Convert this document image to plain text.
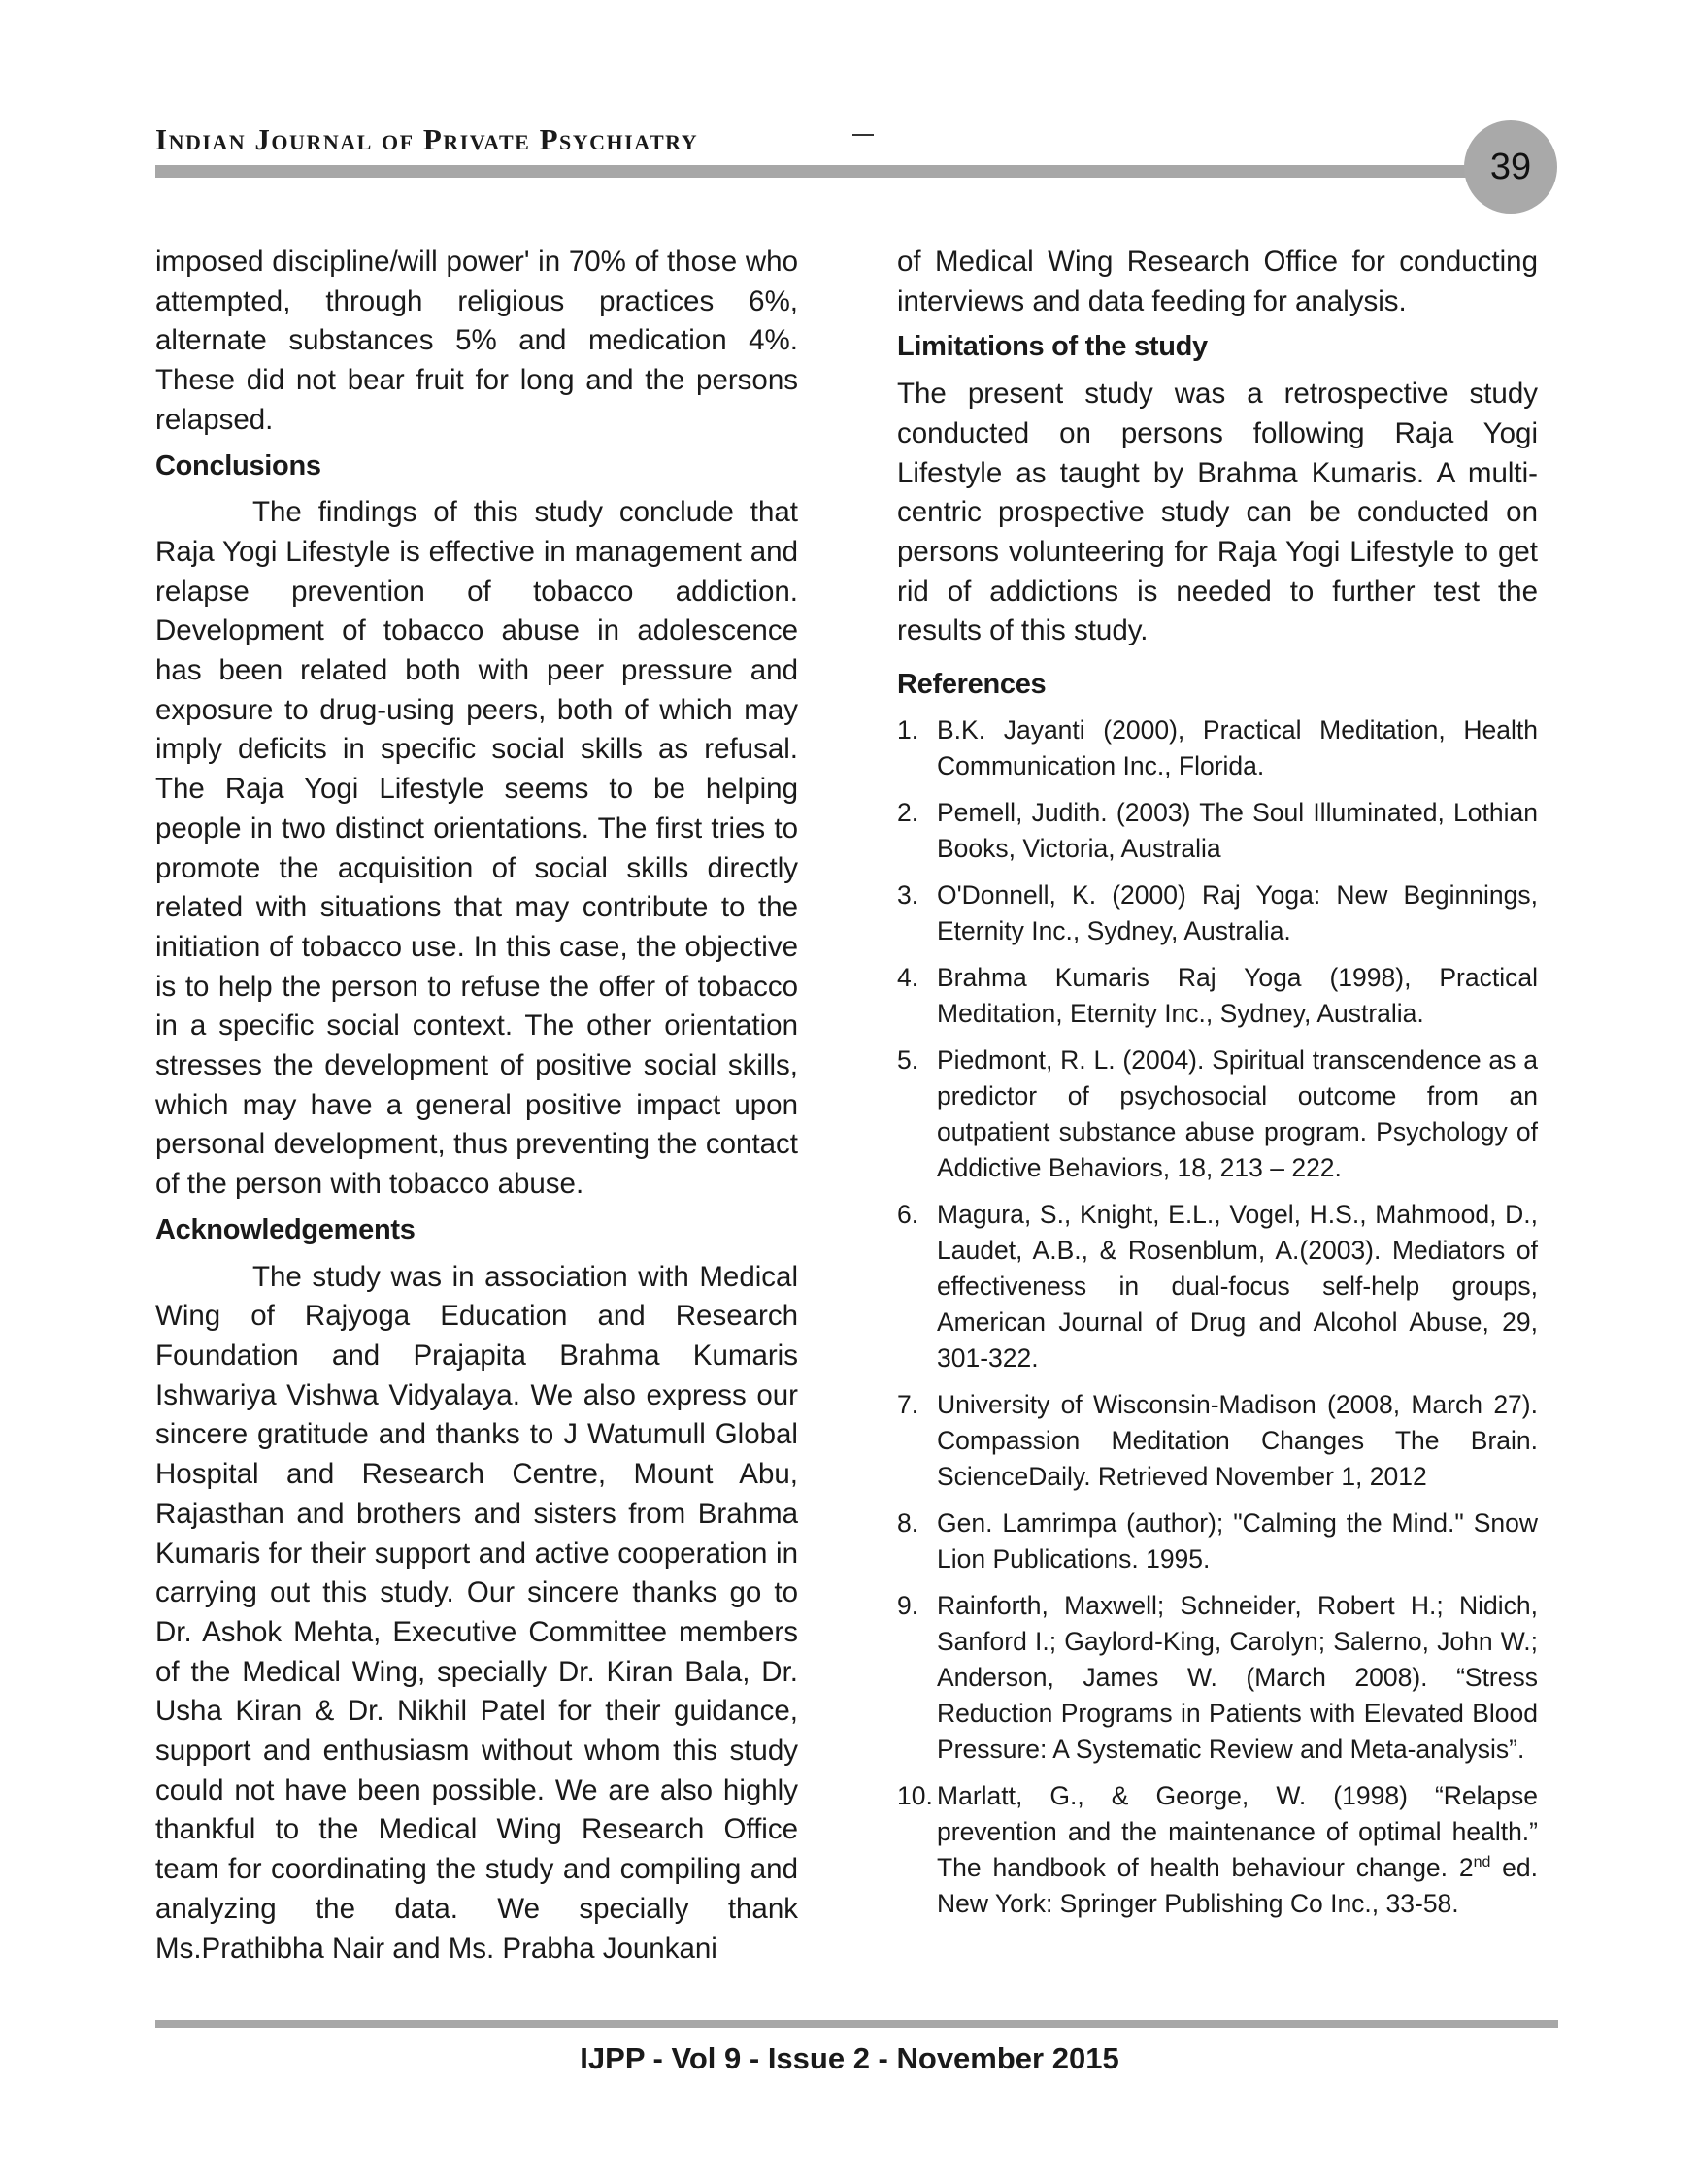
Indian Journal of Private Psychiatry
39

imposed discipline/will power' in 70% of those who attempted, through religious practices 6%, alternate substances 5% and medication 4%. These did not bear fruit for long and the persons relapsed.

Conclusions

The findings of this study conclude that Raja Yogi Lifestyle is effective in management and relapse prevention of tobacco addiction. Development of tobacco abuse in adolescence has been related both with peer pressure and exposure to drug-using peers, both of which may imply deficits in specific social skills as refusal. The Raja Yogi Lifestyle seems to be helping people in two distinct orientations. The first tries to promote the acquisition of social skills directly related with situations that may contribute to the initiation of tobacco use. In this case, the objective is to help the person to refuse the offer of tobacco in a specific social context. The other orientation stresses the development of positive social skills, which may have a general positive impact upon personal development, thus preventing the contact of the person with tobacco abuse.

Acknowledgements

The study was in association with Medical Wing of Rajyoga Education and Research Foundation and Prajapita Brahma Kumaris Ishwariya Vishwa Vidyalaya. We also express our sincere gratitude and thanks to J Watumull Global Hospital and Research Centre, Mount Abu, Rajasthan and brothers and sisters from Brahma Kumaris for their support and active cooperation in carrying out this study. Our sincere thanks go to Dr. Ashok Mehta, Executive Committee members of the Medical Wing, specially Dr. Kiran Bala, Dr. Usha Kiran & Dr. Nikhil Patel for their guidance, support and enthusiasm without whom this study could not have been possible. We are also highly thankful to the Medical Wing Research Office team for coordinating the study and compiling and analyzing the data. We specially thank Ms.Prathibha Nair and Ms. Prabha Jounkani

of Medical Wing Research Office for conducting interviews and data feeding for analysis.

Limitations of the study

The present study was a retrospective study conducted on persons following Raja Yogi Lifestyle as taught by Brahma Kumaris. A multi-centric prospective study can be conducted on persons volunteering for Raja Yogi Lifestyle to get rid of addictions is needed to further test the results of this study.

References
1. B.K. Jayanti (2000), Practical Meditation, Health Communication Inc., Florida.
2. Pemell, Judith. (2003) The Soul Illuminated, Lothian Books, Victoria, Australia
3. O'Donnell, K. (2000) Raj Yoga: New Beginnings, Eternity Inc., Sydney, Australia.
4. Brahma Kumaris Raj Yoga (1998), Practical Meditation, Eternity Inc., Sydney, Australia.
5. Piedmont, R. L. (2004). Spiritual transcendence as a predictor of psychosocial outcome from an outpatient substance abuse program. Psychology of Addictive Behaviors, 18, 213 – 222.
6. Magura, S., Knight, E.L., Vogel, H.S., Mahmood, D., Laudet, A.B., & Rosenblum, A.(2003). Mediators of effectiveness in dual-focus self-help groups, American Journal of Drug and Alcohol Abuse, 29, 301-322.
7. University of Wisconsin-Madison (2008, March 27). Compassion Meditation Changes The Brain. ScienceDaily. Retrieved November 1, 2012
8. Gen. Lamrimpa (author); "Calming the Mind." Snow Lion Publications. 1995.
9. Rainforth, Maxwell; Schneider, Robert H.; Nidich, Sanford I.; Gaylord-King, Carolyn; Salerno, John W.; Anderson, James W. (March 2008). “Stress Reduction Programs in Patients with Elevated Blood Pressure: A Systematic Review and Meta-analysis”.
10. Marlatt, G., & George, W. (1998) “Relapse prevention and the maintenance of optimal health.” The handbook of health behaviour change. 2nd ed. New York: Springer Publishing Co Inc., 33-58.
IJPP - Vol 9 - Issue 2 - November 2015
